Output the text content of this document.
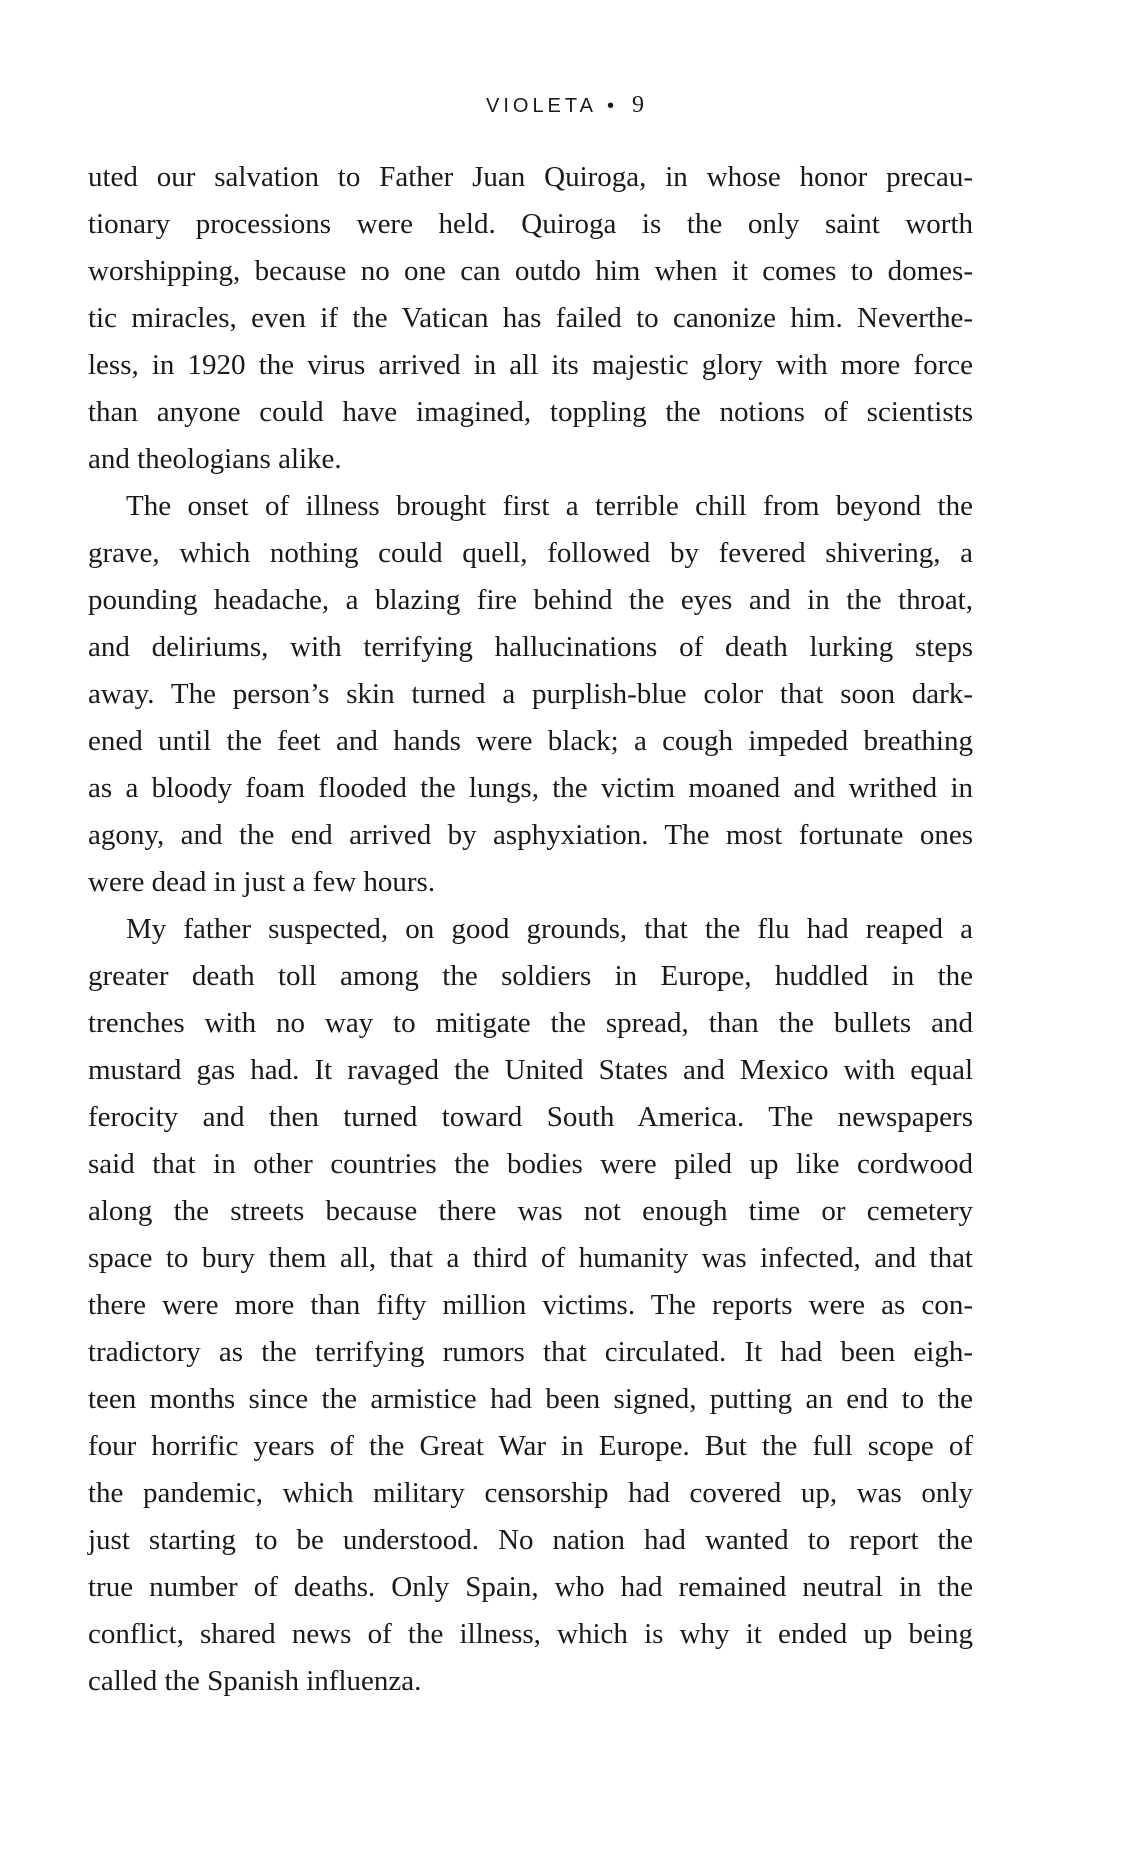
VIOLETA • 9
uted our salvation to Father Juan Quiroga, in whose honor precau-
tionary processions were held. Quiroga is the only saint worth
worshipping, because no one can outdo him when it comes to domes-
tic miracles, even if the Vatican has failed to canonize him. Neverthe-
less, in 1920 the virus arrived in all its majestic glory with more force
than anyone could have imagined, toppling the notions of scientists
and theologians alike.
The onset of illness brought first a terrible chill from beyond the
grave, which nothing could quell, followed by fevered shivering, a
pounding headache, a blazing fire behind the eyes and in the throat,
and deliriums, with terrifying hallucinations of death lurking steps
away. The person’s skin turned a purplish-blue color that soon dark-
ened until the feet and hands were black; a cough impeded breathing
as a bloody foam flooded the lungs, the victim moaned and writhed in
agony, and the end arrived by asphyxiation. The most fortunate ones
were dead in just a few hours.
My father suspected, on good grounds, that the flu had reaped a
greater death toll among the soldiers in Europe, huddled in the
trenches with no way to mitigate the spread, than the bullets and
mustard gas had. It ravaged the United States and Mexico with equal
ferocity and then turned toward South America. The newspapers
said that in other countries the bodies were piled up like cordwood
along the streets because there was not enough time or cemetery
space to bury them all, that a third of humanity was infected, and that
there were more than fifty million victims. The reports were as con-
tradictory as the terrifying rumors that circulated. It had been eigh-
teen months since the armistice had been signed, putting an end to the
four horrific years of the Great War in Europe. But the full scope of
the pandemic, which military censorship had covered up, was only
just starting to be understood. No nation had wanted to report the
true number of deaths. Only Spain, who had remained neutral in the
conflict, shared news of the illness, which is why it ended up being
called the Spanish influenza.
